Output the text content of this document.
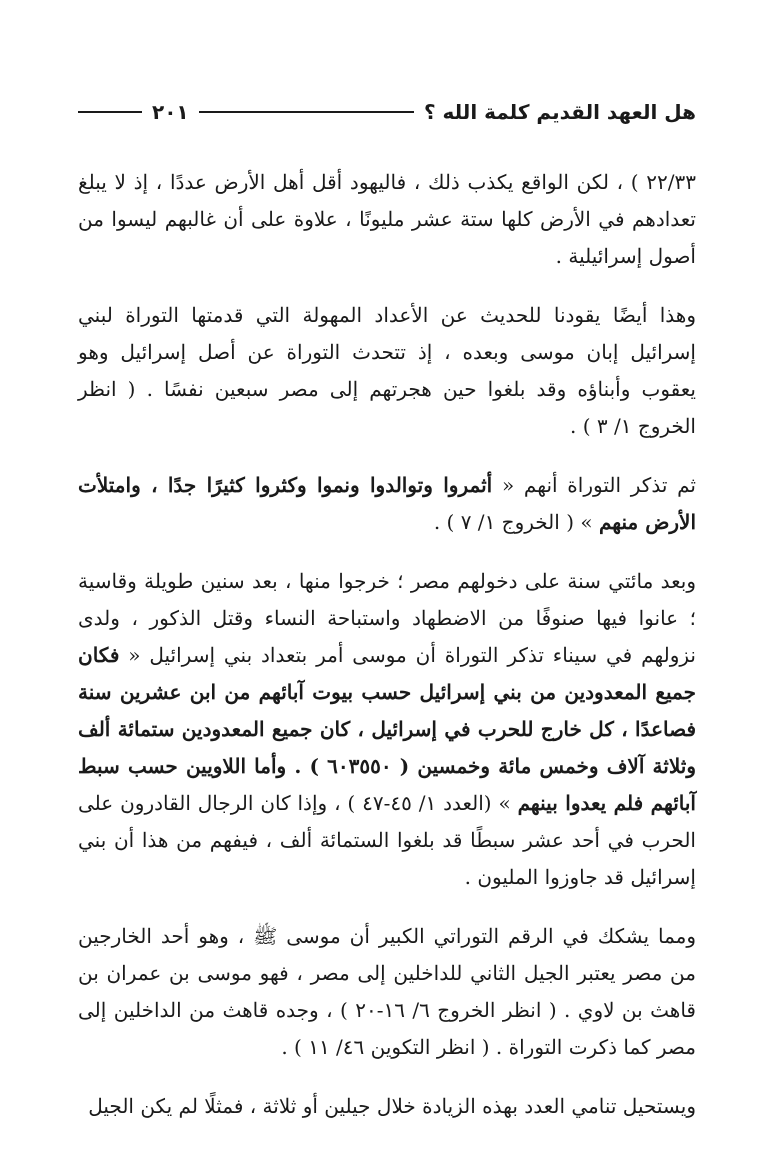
هل العهد القديم كلمة الله ؟
٢٠١

٢٢/٣٣ ) ، لكن الواقع يكذب ذلك ، فاليهود أقل أهل الأرض عددًا ، إذ لا يبلغ تعدادهم في الأرض كلها ستة عشر مليونًا ، علاوة على أن غالبهم ليسوا من أصول إسرائيلية .

وهذا أيضًا يقودنا للحديث عن الأعداد المهولة التي قدمتها التوراة لبني إسرائيل إبان موسى وبعده ، إذ تتحدث التوراة عن أصل إسرائيل وهو يعقوب وأبناؤه وقد بلغوا حين هجرتهم إلى مصر سبعين نفسًا . ( انظر الخروج ١/ ٣ ) .

ثم تذكر التوراة أنهم « أثمروا وتوالدوا ونموا وكثروا كثيرًا جدًا ، وامتلأت الأرض منهم » ( الخروج ١/ ٧ ) .

وبعد مائتي سنة على دخولهم مصر ؛ خرجوا منها ، بعد سنين طويلة وقاسية ؛ عانوا فيها صنوفًا من الاضطهاد واستباحة النساء وقتل الذكور ، ولدى نزولهم في سيناء تذكر التوراة أن موسى أمر بتعداد بني إسرائيل « فكان جميع المعدودين من بني إسرائيل حسب بيوت آبائهم من ابن عشرين سنة فصاعدًا ، كل خارج للحرب في إسرائيل ، كان جميع المعدودين ستمائة ألف وثلاثة آلاف وخمس مائة وخمسين ( ٦٠٣٥٥٠ ) . وأما اللاويين حسب سبط آبائهم فلم يعدوا بينهم » (العدد ١/ ٤٥-٤٧ ) ، وإذا كان الرجال القادرون على الحرب في أحد عشر سبطًا قد بلغوا الستمائة ألف ، فيفهم من هذا أن بني إسرائيل قد جاوزوا المليون .

ومما يشكك في الرقم التوراتي الكبير أن موسى ﷺ ، وهو أحد الخارجين من مصر يعتبر الجيل الثاني للداخلين إلى مصر ، فهو موسى بن عمران بن قاهث بن لاوي . ( انظر الخروج ٦/ ١٦-٢٠ ) ، وجده قاهث من الداخلين إلى مصر كما ذكرت التوراة . ( انظر التكوين ٤٦/ ١١ ) .

ويستحيل تنامي العدد بهذه الزيادة خلال جيلين أو ثلاثة ، فمثلًا لم يكن الجيل
